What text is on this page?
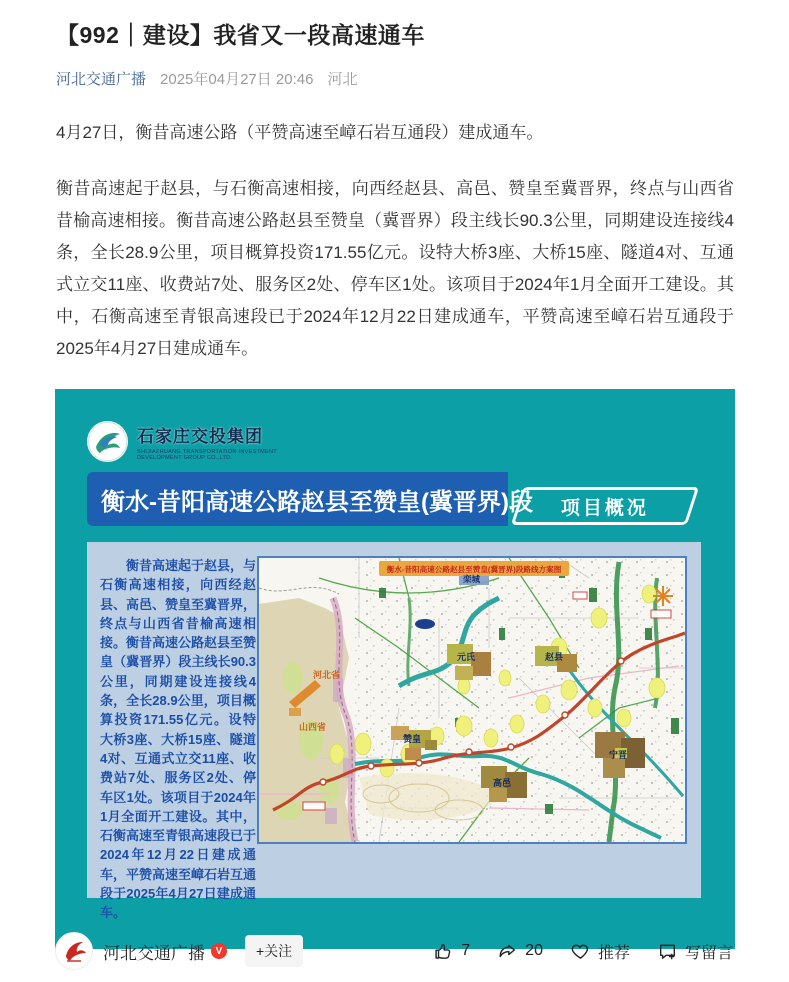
【992｜建设】我省又一段高速通车
河北交通广播 2025年04月27日 20:46 河北

4月27日，衡昔高速公路（平赞高速至嶂石岩互通段）建成通车。

衡昔高速起于赵县，与石衡高速相接，向西经赵县、高邑、赞皇至冀晋界，终点与山西省昔榆高速相接。衡昔高速公路赵县至赞皇（冀晋界）段主线长90.3公里，同期建设连接线4条，全长28.9公里，项目概算投资171.55亿元。设特大桥3座、大桥15座、隧道4对、互通式立交11座、收费站7处、服务区2处、停车区1处。该项目于2024年1月全面开工建设。其中，石衡高速至青银高速段已于2024年12月22日建成通车，平赞高速至嶂石岩互通段于2025年4月27日建成通车。

石家庄交投集团
SHIJIAZHUANG TRANSPORTATION INVESTMENT DEVELOPMENT GROUP CO.,LTD.
衡水-昔阳高速公路赵县至赞皇(冀晋界)段 项目概况
衡昔高速起于赵县，与石衡高速相接，向西经赵县、高邑、赞皇至冀晋界，终点与山西省昔榆高速相接。衡昔高速公路赵县至赞皇（冀晋界）段主线长90.3公里，同期建设连接线4条，全长28.9公里，项目概算投资171.55亿元。设特大桥3座、大桥15座、隧道4对、互通式立交11座、收费站7处、服务区2处、停车区1处。该项目于2024年1月全面开工建设。其中，石衡高速至青银高速段已于2024年12月22日建成通车，平赞高速至嶂石岩互通段于2025年4月27日建成通车。
衡水-昔阳高速公路赵县至赞皇(冀晋界)段路线方案图
河北省
山西省
栾城
元氏	赵县
赞皇
高邑
宁晋
河北交通广播	V	+关注	7	20	推荐	写留言
